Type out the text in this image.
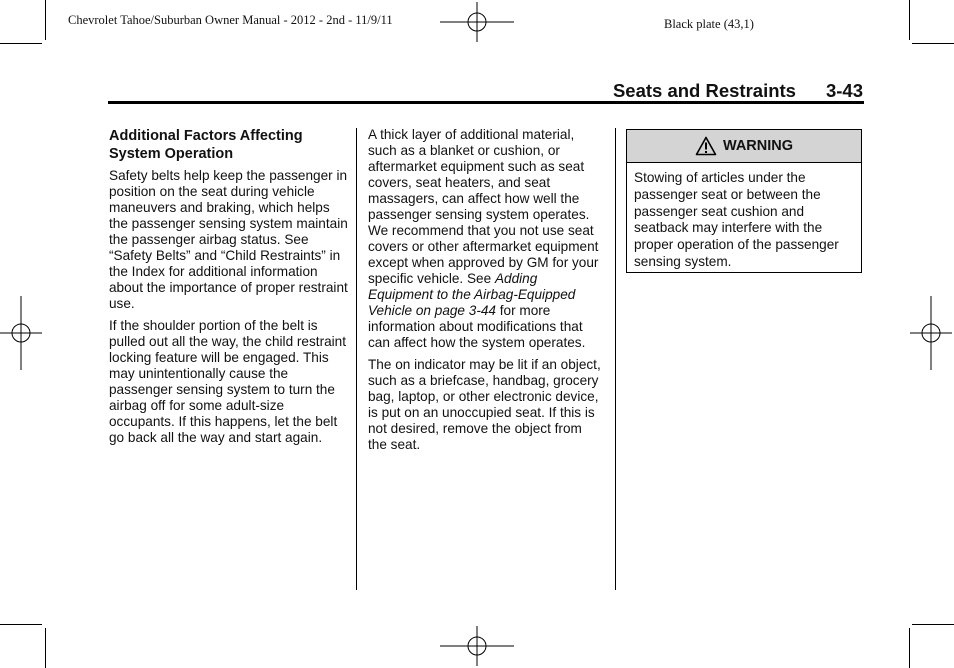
Chevrolet Tahoe/Suburban Owner Manual - 2012 - 2nd - 11/9/11	Black plate (43,1)
Seats and Restraints 3-43

Additional Factors Affecting System Operation

Safety belts help keep the passenger in position on the seat during vehicle maneuvers and braking, which helps the passenger sensing system maintain the passenger airbag status. See “Safety Belts” and “Child Restraints” in the Index for additional information about the importance of proper restraint use.

If the shoulder portion of the belt is pulled out all the way, the child restraint locking feature will be engaged. This may unintentionally cause the passenger sensing system to turn the airbag off for some adult-size occupants. If this happens, let the belt go back all the way and start again.

A thick layer of additional material, such as a blanket or cushion, or aftermarket equipment such as seat covers, seat heaters, and seat massagers, can affect how well the passenger sensing system operates. We recommend that you not use seat covers or other aftermarket equipment except when approved by GM for your specific vehicle. See Adding Equipment to the Airbag-Equipped Vehicle on page 3-44 for more information about modifications that can affect how the system operates.

The on indicator may be lit if an object, such as a briefcase, handbag, grocery bag, laptop, or other electronic device, is put on an unoccupied seat. If this is not desired, remove the object from the seat.

WARNING
Stowing of articles under the passenger seat or between the passenger seat cushion and seatback may interfere with the proper operation of the passenger sensing system.
